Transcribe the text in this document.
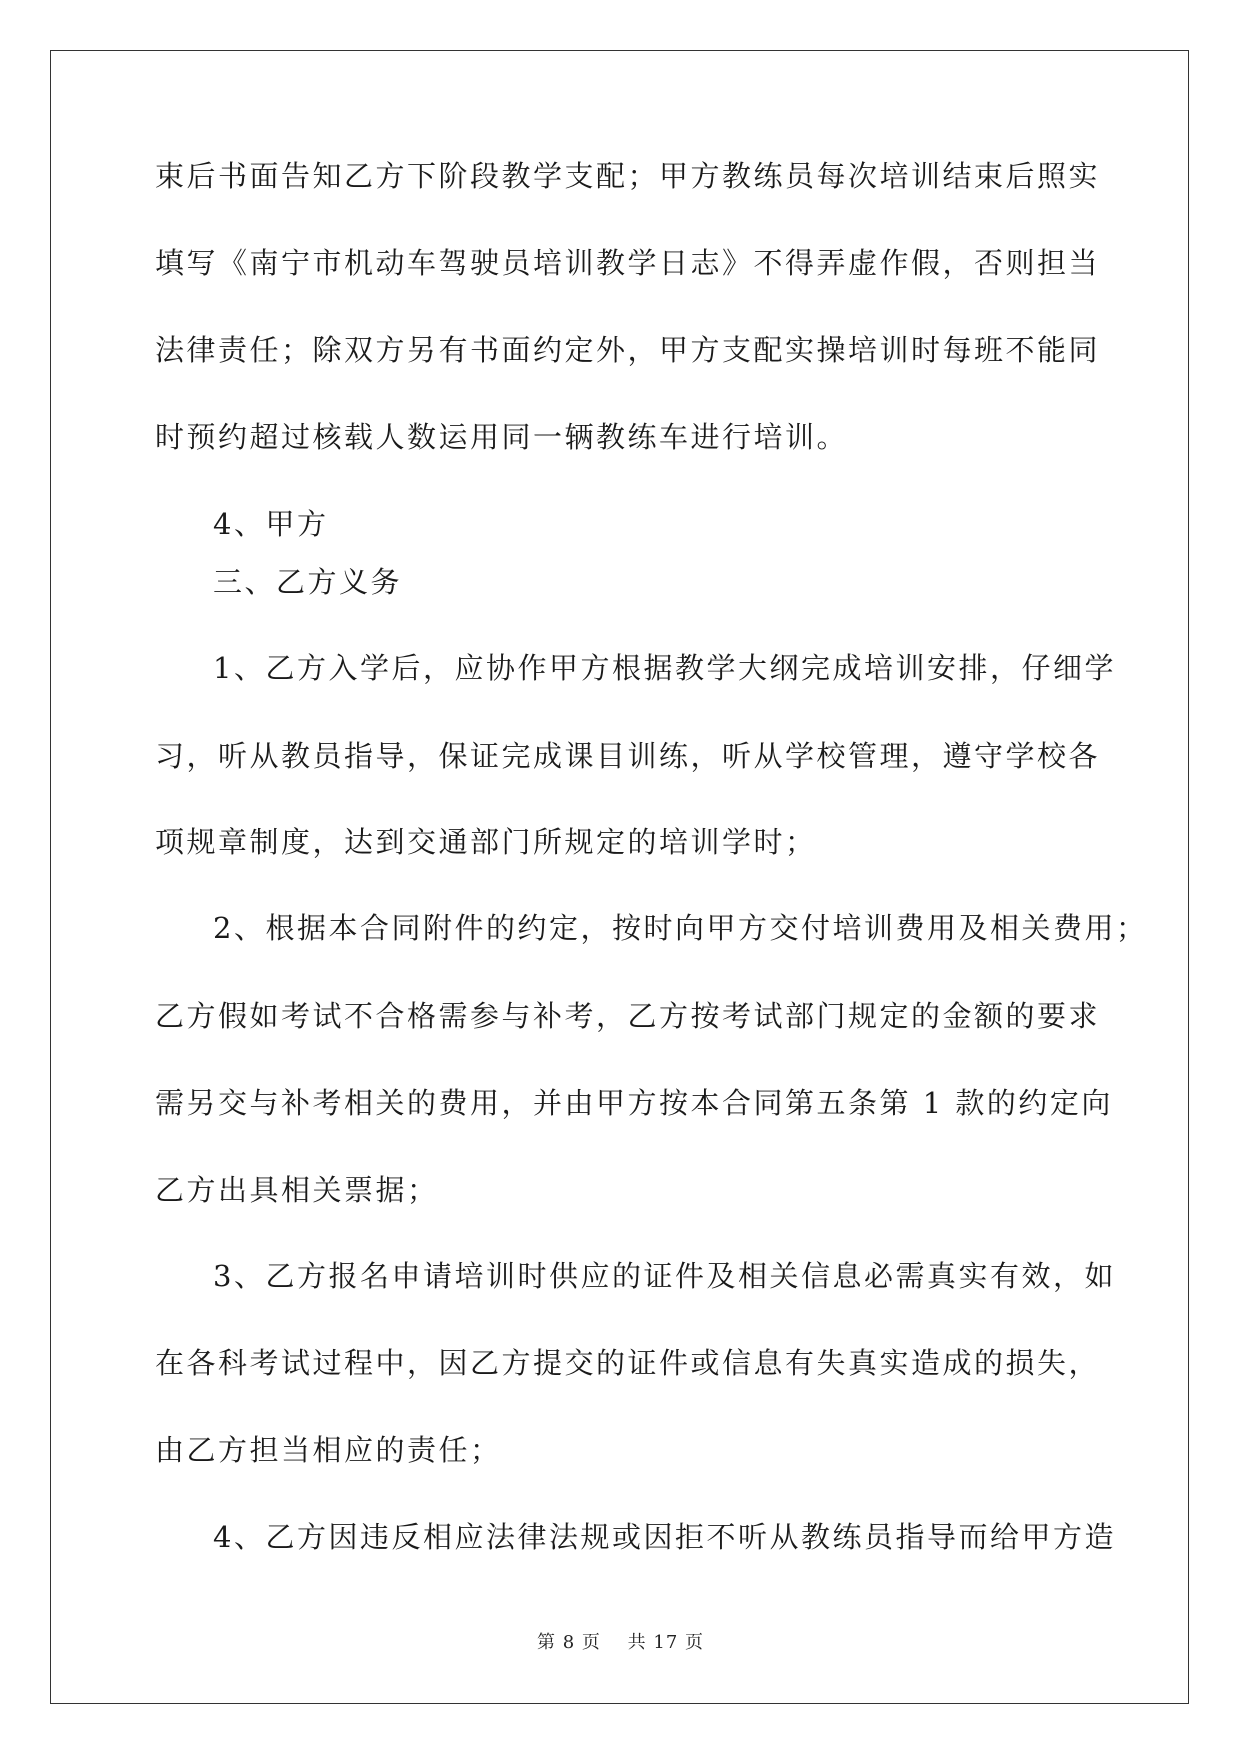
束后书面告知乙方下阶段教学支配；甲方教练员每次培训结束后照实
填写《南宁市机动车驾驶员培训教学日志》不得弄虚作假，否则担当
法律责任；除双方另有书面约定外，甲方支配实操培训时每班不能同
时预约超过核载人数运用同一辆教练车进行培训。
4、甲方
三、乙方义务
1、乙方入学后，应协作甲方根据教学大纲完成培训安排，仔细学
习，听从教员指导，保证完成课目训练，听从学校管理，遵守学校各
项规章制度，达到交通部门所规定的培训学时；
2、根据本合同附件的约定，按时向甲方交付培训费用及相关费用；
乙方假如考试不合格需参与补考，乙方按考试部门规定的金额的要求
需另交与补考相关的费用，并由甲方按本合同第五条第 1 款的约定向
乙方出具相关票据；
3、乙方报名申请培训时供应的证件及相关信息必需真实有效，如
在各科考试过程中，因乙方提交的证件或信息有失真实造成的损失，
由乙方担当相应的责任；
4、乙方因违反相应法律法规或因拒不听从教练员指导而给甲方造
第 8 页 共 17 页
